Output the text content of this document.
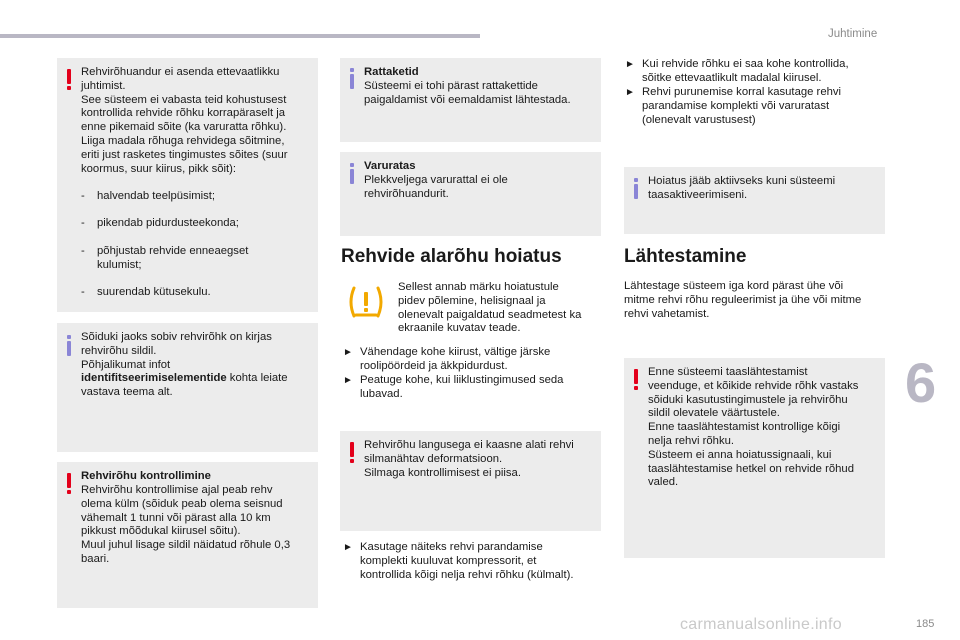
Juhtimine
Rehvirõhuandur ei asenda ettevaatlikku
juhtimist.
See süsteem ei vabasta teid kohustusest
kontrollida rehvide rõhku korrapäraselt ja
enne pikemaid sõite (ka varuratta rõhku).
Liiga madala rõhuga rehvidega sõitmine,
eriti just rasketes tingimustes sõites (suur
koormus, suur kiirus, pikk sõit):

- halvendab teelpüsimist;

- pikendab pidurdusteekonda;

- põhjustab rehvide enneaegset
kulumist;

- suurendab kütusekulu.

Sõiduki jaoks sobiv rehvirõhk on kirjas
rehvirõhu sildil.
Põhjalikumat infot identifitseerimiselementide kohta leiate
vastava teema alt.
Rehvirõhu kontrollimine
Rehvirõhu kontrollimise ajal peab rehv
olema külm (sõiduk peab olema seisnud
vähemalt 1 tunni või pärast alla 10 km
pikkust mõõdukal kiirusel sõitu).
Muul juhul lisage sildil näidatud rõhule 0,3
baari.
Rattaketid
Süsteemi ei tohi pärast rattakettide
paigaldamist või eemaldamist lähtestada.
Varuratas
Plekkveljega varurattal ei ole
rehvirõhuandurit.
Rehvide alarõhu hoiatus
Sellest annab märku hoiatustule
pidev põlemine, helisignaal ja
olenevalt paigaldatud seadmetest ka
ekraanile kuvatav teade.
► Vähendage kohe kiirust, vältige järske
roolipöördeid ja äkkpidurdust.
► Peatuge kohe, kui liiklustingimused seda
lubavad.
Rehvirõhu langusega ei kaasne alati rehvi
silmanähtav deformatsioon.
Silmaga kontrollimisest ei piisa.
► Kasutage näiteks rehvi parandamise
komplekti kuuluvat kompressorit, et
kontrollida kõigi nelja rehvi rõhku (külmalt).
► Kui rehvide rõhku ei saa kohe kontrollida,
sõitke ettevaatlikult madalal kiirusel.
► Rehvi purunemise korral kasutage rehvi
parandamise komplekti või varuratast
(olenevalt varustusest)
Hoiatus jääb aktiivseks kuni süsteemi
taasaktiveerimiseni.
Lähtestamine
Lähtestage süsteem iga kord pärast ühe või
mitme rehvi rõhu reguleerimist ja ühe või mitme
rehvi vahetamist.
Enne süsteemi taaslähtestamist
veenduge, et kõikide rehvide rõhk vastaks
sõiduki kasutustingimustele ja rehvirõhu
sildil olevatele väärtustele.
Enne taaslähtestamist kontrollige kõigi
nelja rehvi rõhku.
Süsteem ei anna hoiatussignaali, kui
taaslähtestamise hetkel on rehvide rõhud
valed.
6
carmanualsonline.info	185
